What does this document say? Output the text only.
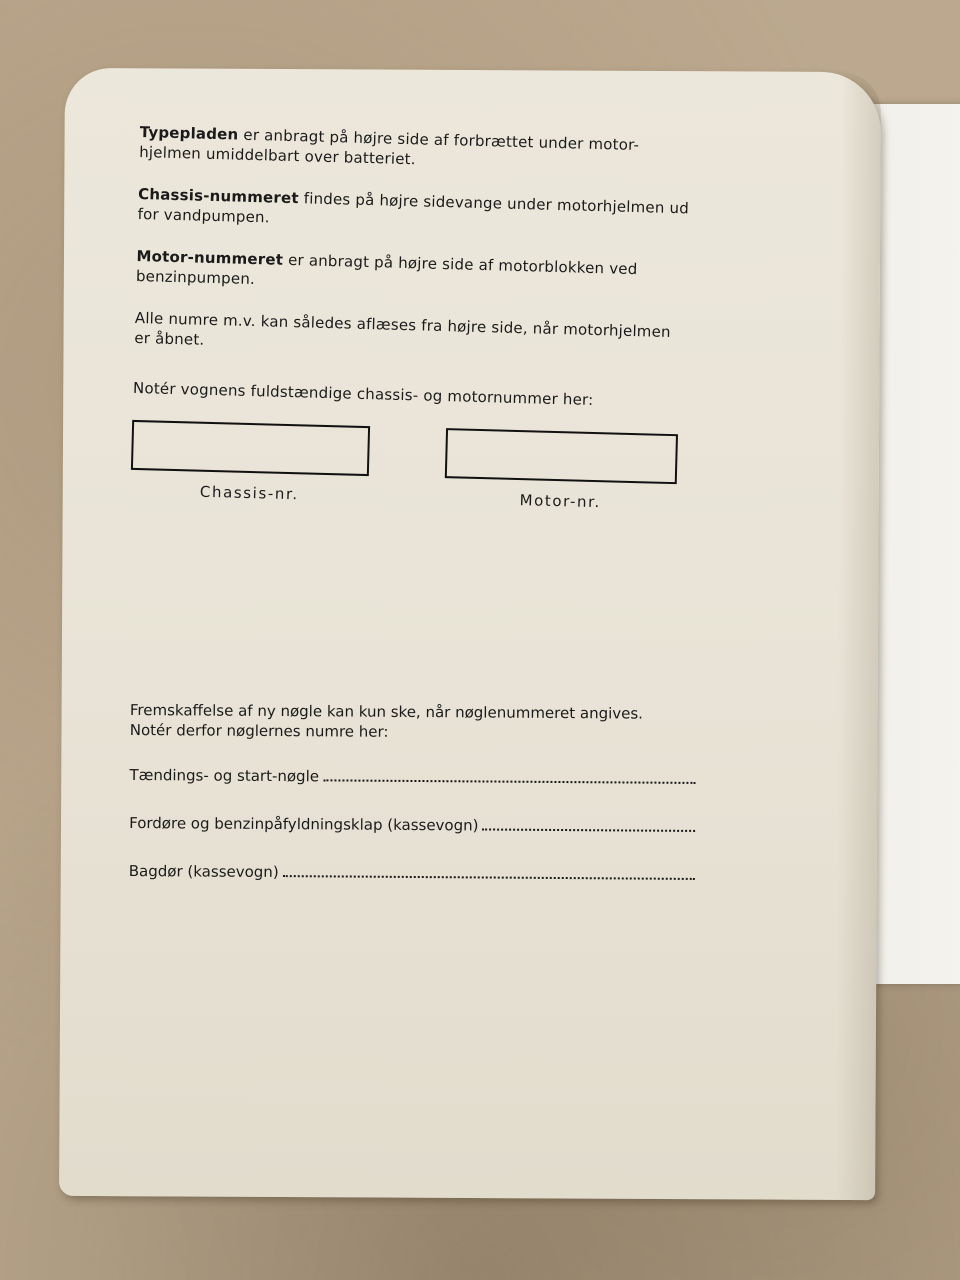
Typepladen er anbragt på højre side af forbrættet under motor-hjelmen umiddelbart over batteriet.

Chassis-nummeret findes på højre sidevange under motorhjelmen ud for vandpumpen.

Motor-nummeret er anbragt på højre side af motorblokken ved benzinpumpen.

Alle numre m.v. kan således aflæses fra højre side, når motorhjelmen er åbnet.

Notér vognens fuldstændige chassis- og motornummer her:
Chassis-nr.	Motor-nr.
Fremskaffelse af ny nøgle kan kun ske, når nøglenummeret angives.
Notér derfor nøglernes numre her:
Tændings- og start-nøgle
Fordøre og benzinpåfyldningsklap (kassevogn)
Bagdør (kassevogn)
